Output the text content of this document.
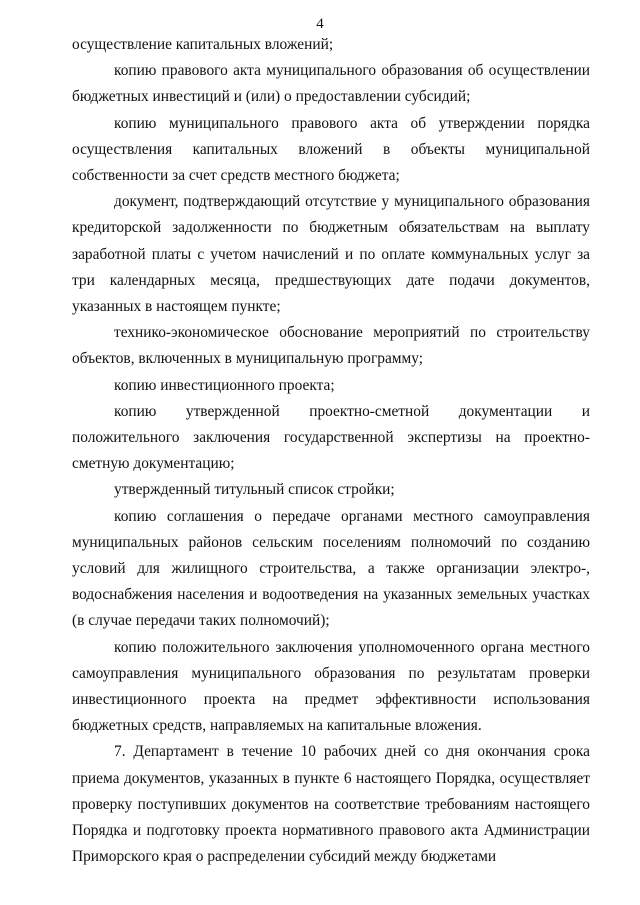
4

осуществление капитальных вложений;

копию правового акта муниципального образования об осуществлении бюджетных инвестиций и (или) о предоставлении субсидий;

копию муниципального правового акта об утверждении порядка осуществления капитальных вложений в объекты муниципальной собственности за счет средств местного бюджета;

документ, подтверждающий отсутствие у муниципального образования кредиторской задолженности по бюджетным обязательствам на выплату заработной платы с учетом начислений и по оплате коммунальных услуг за три календарных месяца, предшествующих дате подачи документов, указанных в настоящем пункте;

технико-экономическое обоснование мероприятий по строительству объектов, включенных в муниципальную программу;

копию инвестиционного проекта;

копию утвержденной проектно-сметной документации и положительного заключения государственной экспертизы на проектно-сметную документацию;

утвержденный титульный список стройки;

копию соглашения о передаче органами местного самоуправления муниципальных районов сельским поселениям полномочий по созданию условий для жилищного строительства, а также организации электро-, водоснабжения населения и водоотведения на указанных земельных участках (в случае передачи таких полномочий);

копию положительного заключения уполномоченного органа местного самоуправления муниципального образования по результатам проверки инвестиционного проекта на предмет эффективности использования бюджетных средств, направляемых на капитальные вложения.

7. Департамент в течение 10 рабочих дней со дня окончания срока приема документов, указанных в пункте 6 настоящего Порядка, осуществляет проверку поступивших документов на соответствие требованиям настоящего Порядка и подготовку проекта нормативного правового акта Администрации Приморского края о распределении субсидий между бюджетами
